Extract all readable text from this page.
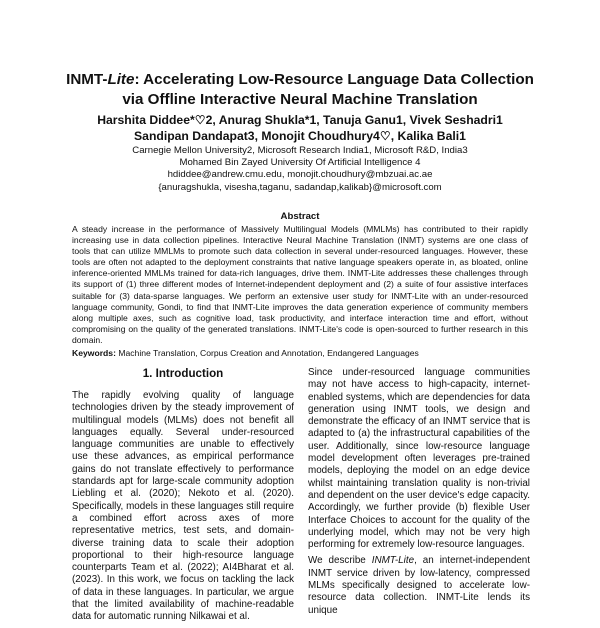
INMT-Lite: Accelerating Low-Resource Language Data Collection
via Offline Interactive Neural Machine Translation
Harshita Diddee*♡2, Anurag Shukla*1, Tanuja Ganu1, Vivek Seshadri1
Sandipan Dandapat3, Monojit Choudhury4♡, Kalika Bali1
Carnegie Mellon University2, Microsoft Research India1, Microsoft R&D, India3
Mohamed Bin Zayed University Of Artificial Intelligence 4
hdiddee@andrew.cmu.edu, monojit.choudhury@mbzuai.ac.ae
{anuragshukla, visesha,taganu, sadandap,kalikab}@microsoft.com
Abstract
A steady increase in the performance of Massively Multilingual Models (MMLMs) has contributed to their rapidly increasing use in data collection pipelines. Interactive Neural Machine Translation (INMT) systems are one class of tools that can utilize MMLMs to promote such data collection in several under-resourced languages. However, these tools are often not adapted to the deployment constraints that native language speakers operate in, as bloated, online inference-oriented MMLMs trained for data-rich languages, drive them. INMT-Lite addresses these challenges through its support of (1) three different modes of Internet-independent deployment and (2) a suite of four assistive interfaces suitable for (3) data-sparse languages. We perform an extensive user study for INMT-Lite with an under-resourced language community, Gondi, to find that INMT-Lite improves the data generation experience of community members along multiple axes, such as cognitive load, task productivity, and interface interaction time and effort, without compromising on the quality of the generated translations. INMT-Lite's code is open-sourced to further research in this domain.
Keywords: Machine Translation, Corpus Creation and Annotation, Endangered Languages
1. Introduction

The rapidly evolving quality of language technologies driven by the steady improvement of multilingual models (MLMs) does not benefit all languages equally. Several under-resourced language communities are unable to effectively use these advances, as empirical performance gains do not translate effectively to performance standards apt for large-scale community adoption Liebling et al. (2020); Nekoto et al. (2020). Specifically, models in these languages still require a combined effort across axes of more representative metrics, test sets, and domain-diverse training data to scale their adoption proportional to their high-resource language counterparts Team et al. (2022); AI4Bharat et al. (2023). In this work, we focus on tackling the lack of data in these languages. In particular, we argue that the limited availability of machine-readable data for automatic running Nilkawai et al.

Since under-resourced language communities may not have access to high-capacity, internet-enabled systems, which are dependencies for data generation using INMT tools, we design and demonstrate the efficacy of an INMT service that is adapted to (a) the infrastructural capabilities of the user. Additionally, since low-resource language model development often leverages pre-trained models, deploying the model on an edge device whilst maintaining translation quality is non-trivial and dependent on the user device's edge capacity. Accordingly, we further provide (b) flexible User Interface Choices to account for the quality of the underlying model, which may not be very high performing for extremely low-resource languages.

We describe INMT-Lite, an internet-independent INMT service driven by low-latency, compressed MLMs specifically designed to accelerate low-resource data collection. INMT-Lite lends its unique
